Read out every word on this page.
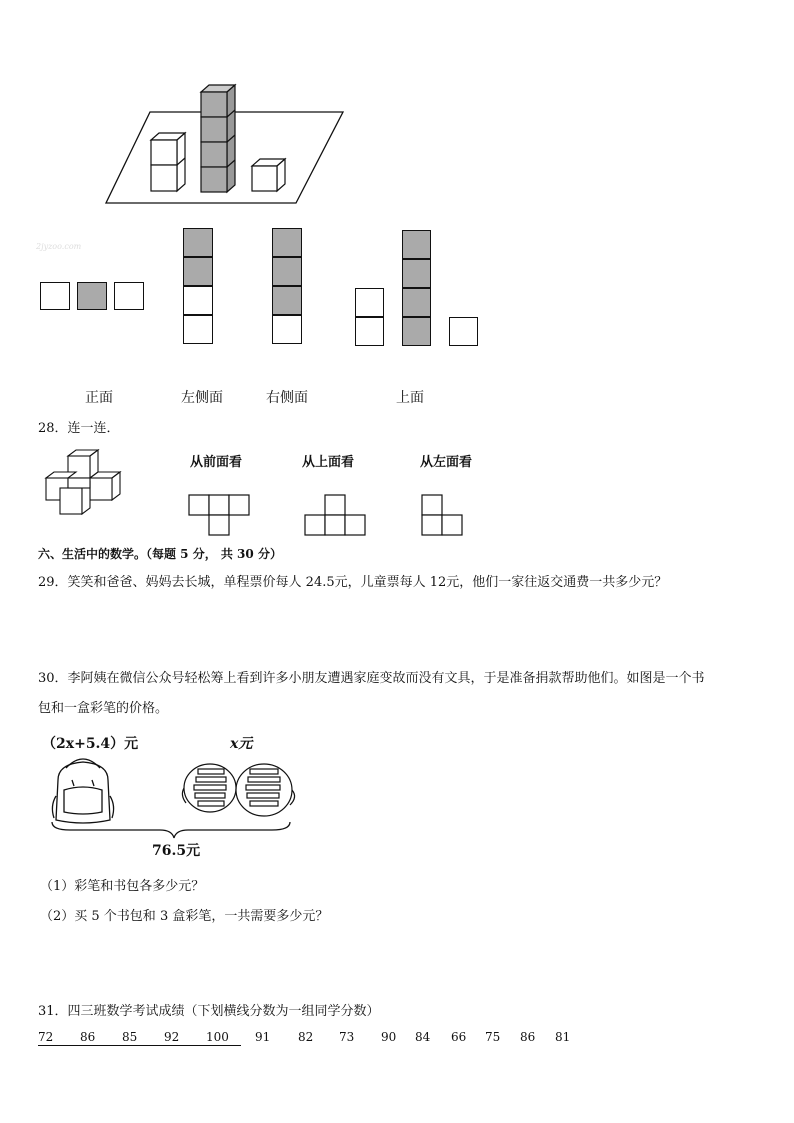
2jyzoo.com
正面	左侧面	右侧面	上面
28．连一连．
从前面看	从上面看	从左面看
六、生活中的数学。（每题 5 分， 共 30 分）
29．笑笑和爸爸、妈妈去长城，单程票价每人 24.5元，儿童票每人 12元，他们一家往返交通费一共多少元？
30．李阿姨在微信公众号轻松筹上看到许多小朋友遭遇家庭变故而没有文具，于是准备捐款帮助他们。如图是一个书
包和一盒彩笔的价格。
（2x+5.4）元	x元
76.5元
（1）彩笔和书包各多少元？
（2）买 5 个书包和 3 盒彩笔，一共需要多少元？
31．四三班数学考试成绩（下划横线分数为一组同学分数）
72	86	85	92	100	91 82 73 90 84 66 75 86 81
